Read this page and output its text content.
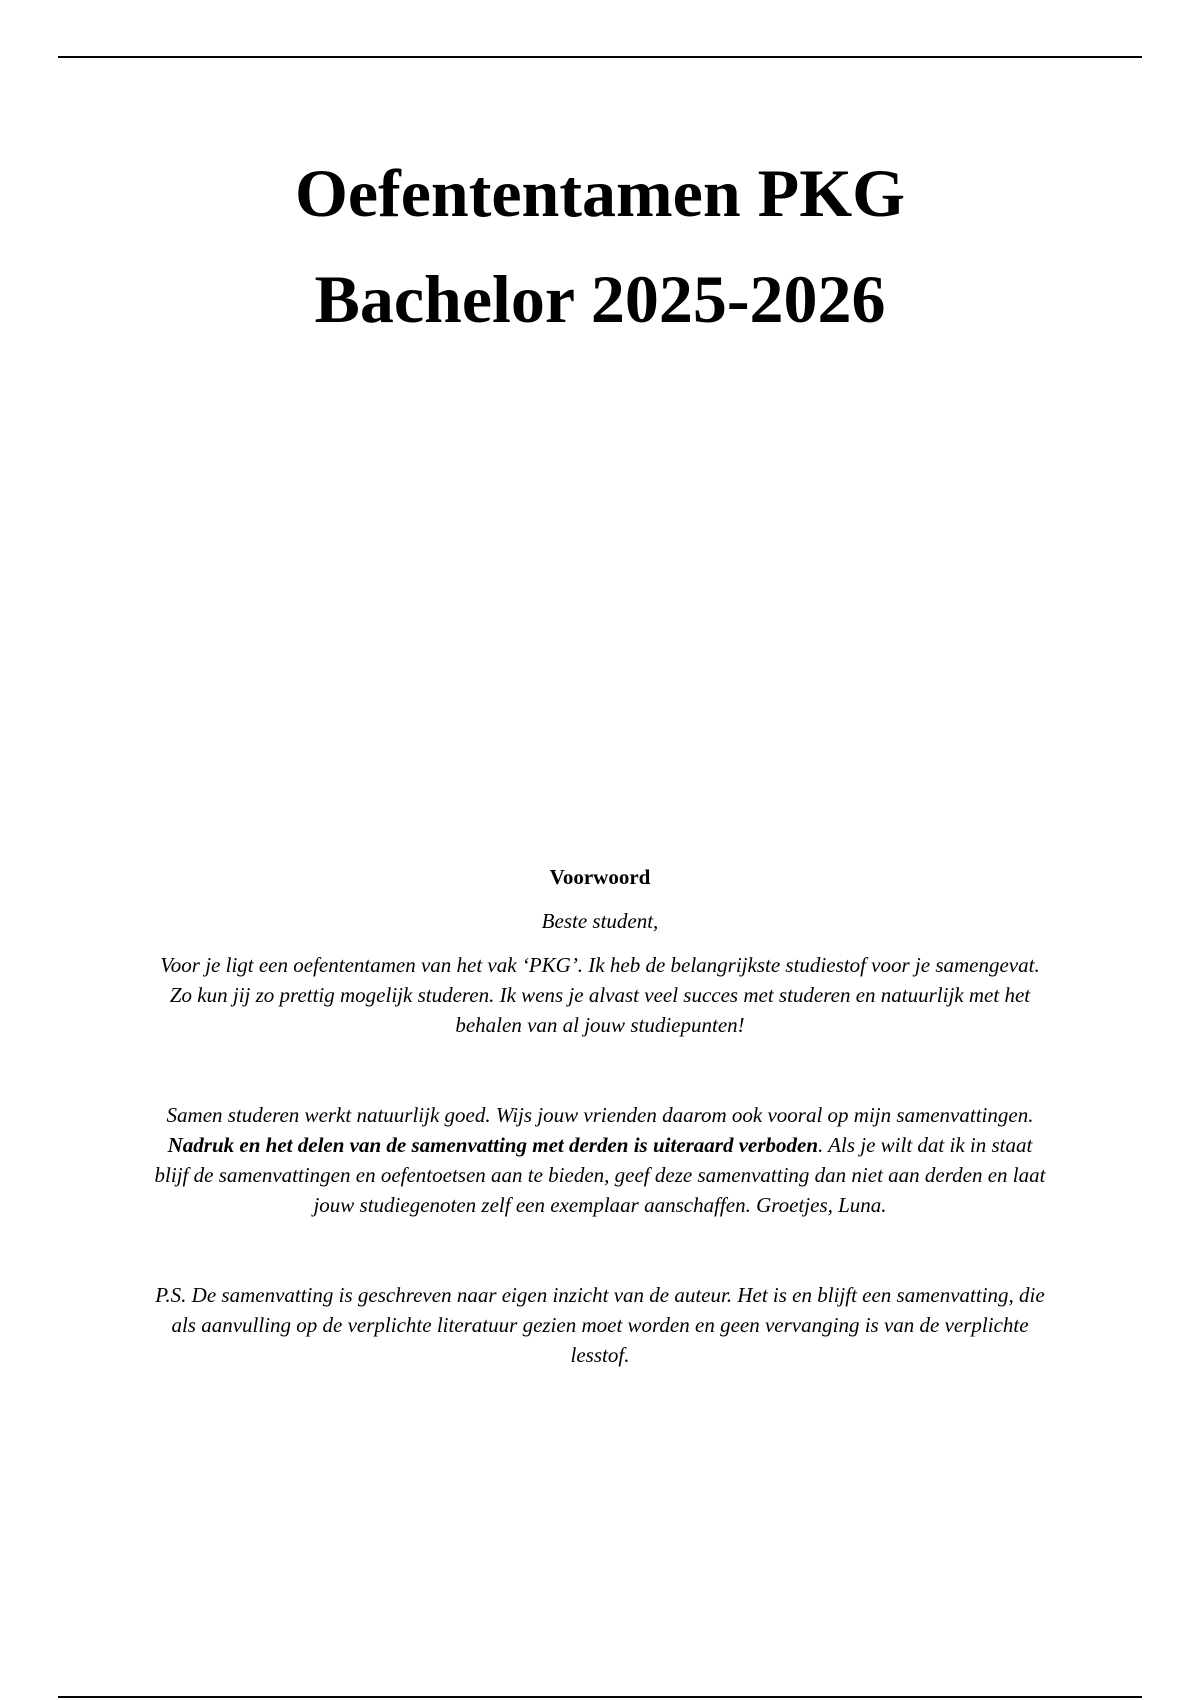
Oefententamen PKG
Bachelor 2025-2026

Voorwoord

Beste student,

Voor je ligt een oefententamen van het vak ‘PKG’. Ik heb de belangrijkste studiestof voor je samengevat. Zo kun jij zo prettig mogelijk studeren. Ik wens je alvast veel succes met studeren en natuurlijk met het behalen van al jouw studiepunten!

Samen studeren werkt natuurlijk goed. Wijs jouw vrienden daarom ook vooral op mijn samenvattingen. Nadruk en het delen van de samenvatting met derden is uiteraard verboden. Als je wilt dat ik in staat blijf de samenvattingen en oefentoetsen aan te bieden, geef deze samenvatting dan niet aan derden en laat jouw studiegenoten zelf een exemplaar aanschaffen. Groetjes, Luna.

P.S. De samenvatting is geschreven naar eigen inzicht van de auteur. Het is en blijft een samenvatting, die als aanvulling op de verplichte literatuur gezien moet worden en geen vervanging is van de verplichte lesstof.
